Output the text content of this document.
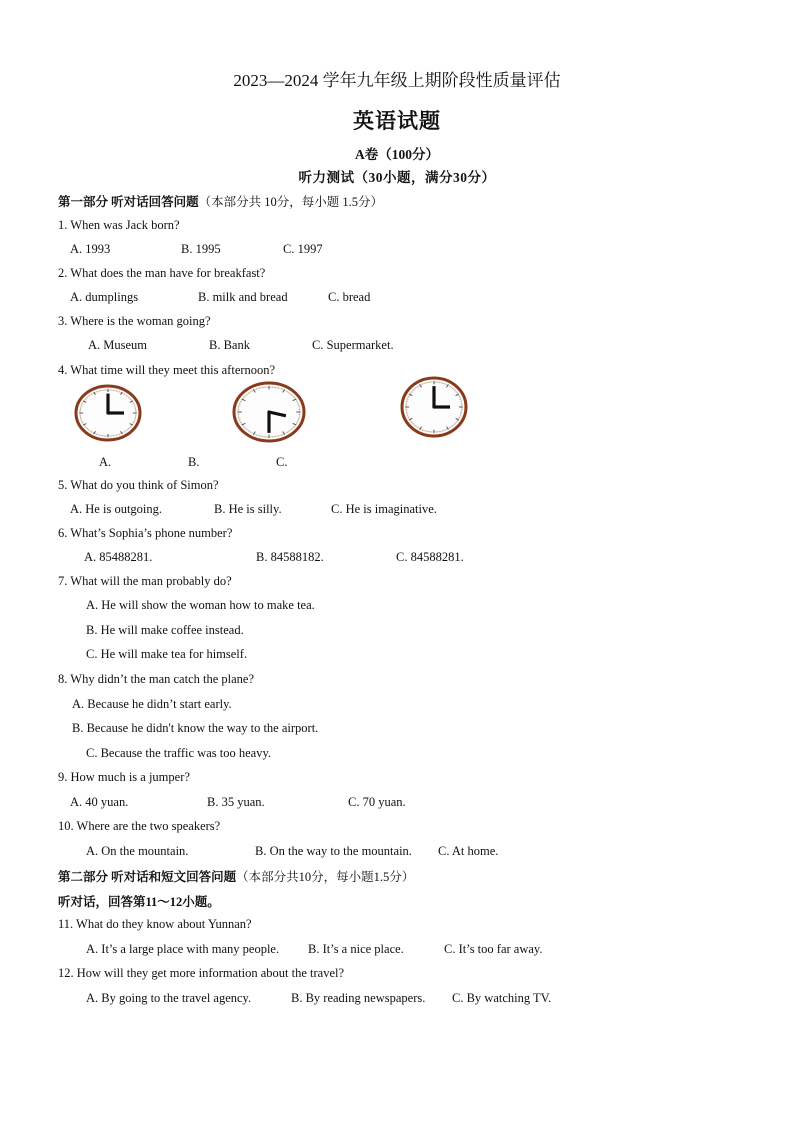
2023—2024 学年九年级上期阶段性质量评估
英语试题
A卷（100分）
听力测试（30小题，满分30分）
第一部分 听对话回答问题（本部分共 10分，每小题 1.5分）
1. When was Jack born?
A. 1993	B. 1995	C. 1997
2. What does the man have for breakfast?
A. dumplings	B. milk and bread	C. bread
3. Where is the woman going?
A. Museum	B. Bank	C. Supermarket.
4. What time will they meet this afternoon?
A.	B.	C.
5. What do you think of Simon?
A. He is outgoing.	B. He is silly.	C. He is imaginative.
6. What’s Sophia’s phone number?
A. 85488281.	B. 84588182.	C. 84588281.
7. What will the man probably do?
A. He will show the woman how to make tea.
B. He will make coffee instead.
C. He will make tea for himself.
8. Why didn’t the man catch the plane?
A. Because he didn’t start early.
B. Because he didn't know the way to the airport.
C. Because the traffic was too heavy.
9. How much is a jumper?
A. 40 yuan.	B. 35 yuan.	C. 70 yuan.
10. Where are the two speakers?
A. On the mountain.	B. On the way to the mountain. C. At home.
第二部分 听对话和短文回答问题（本部分共10分，每小题1.5分）
听对话，回答第11～12小题。
11. What do they know about Yunnan?
A. It’s a large place with many people. B. It’s a nice place.	C. It’s too far away.
12. How will they get more information about the travel?
A. By going to the travel agency.	B. By reading newspapers. C. By watching TV.
